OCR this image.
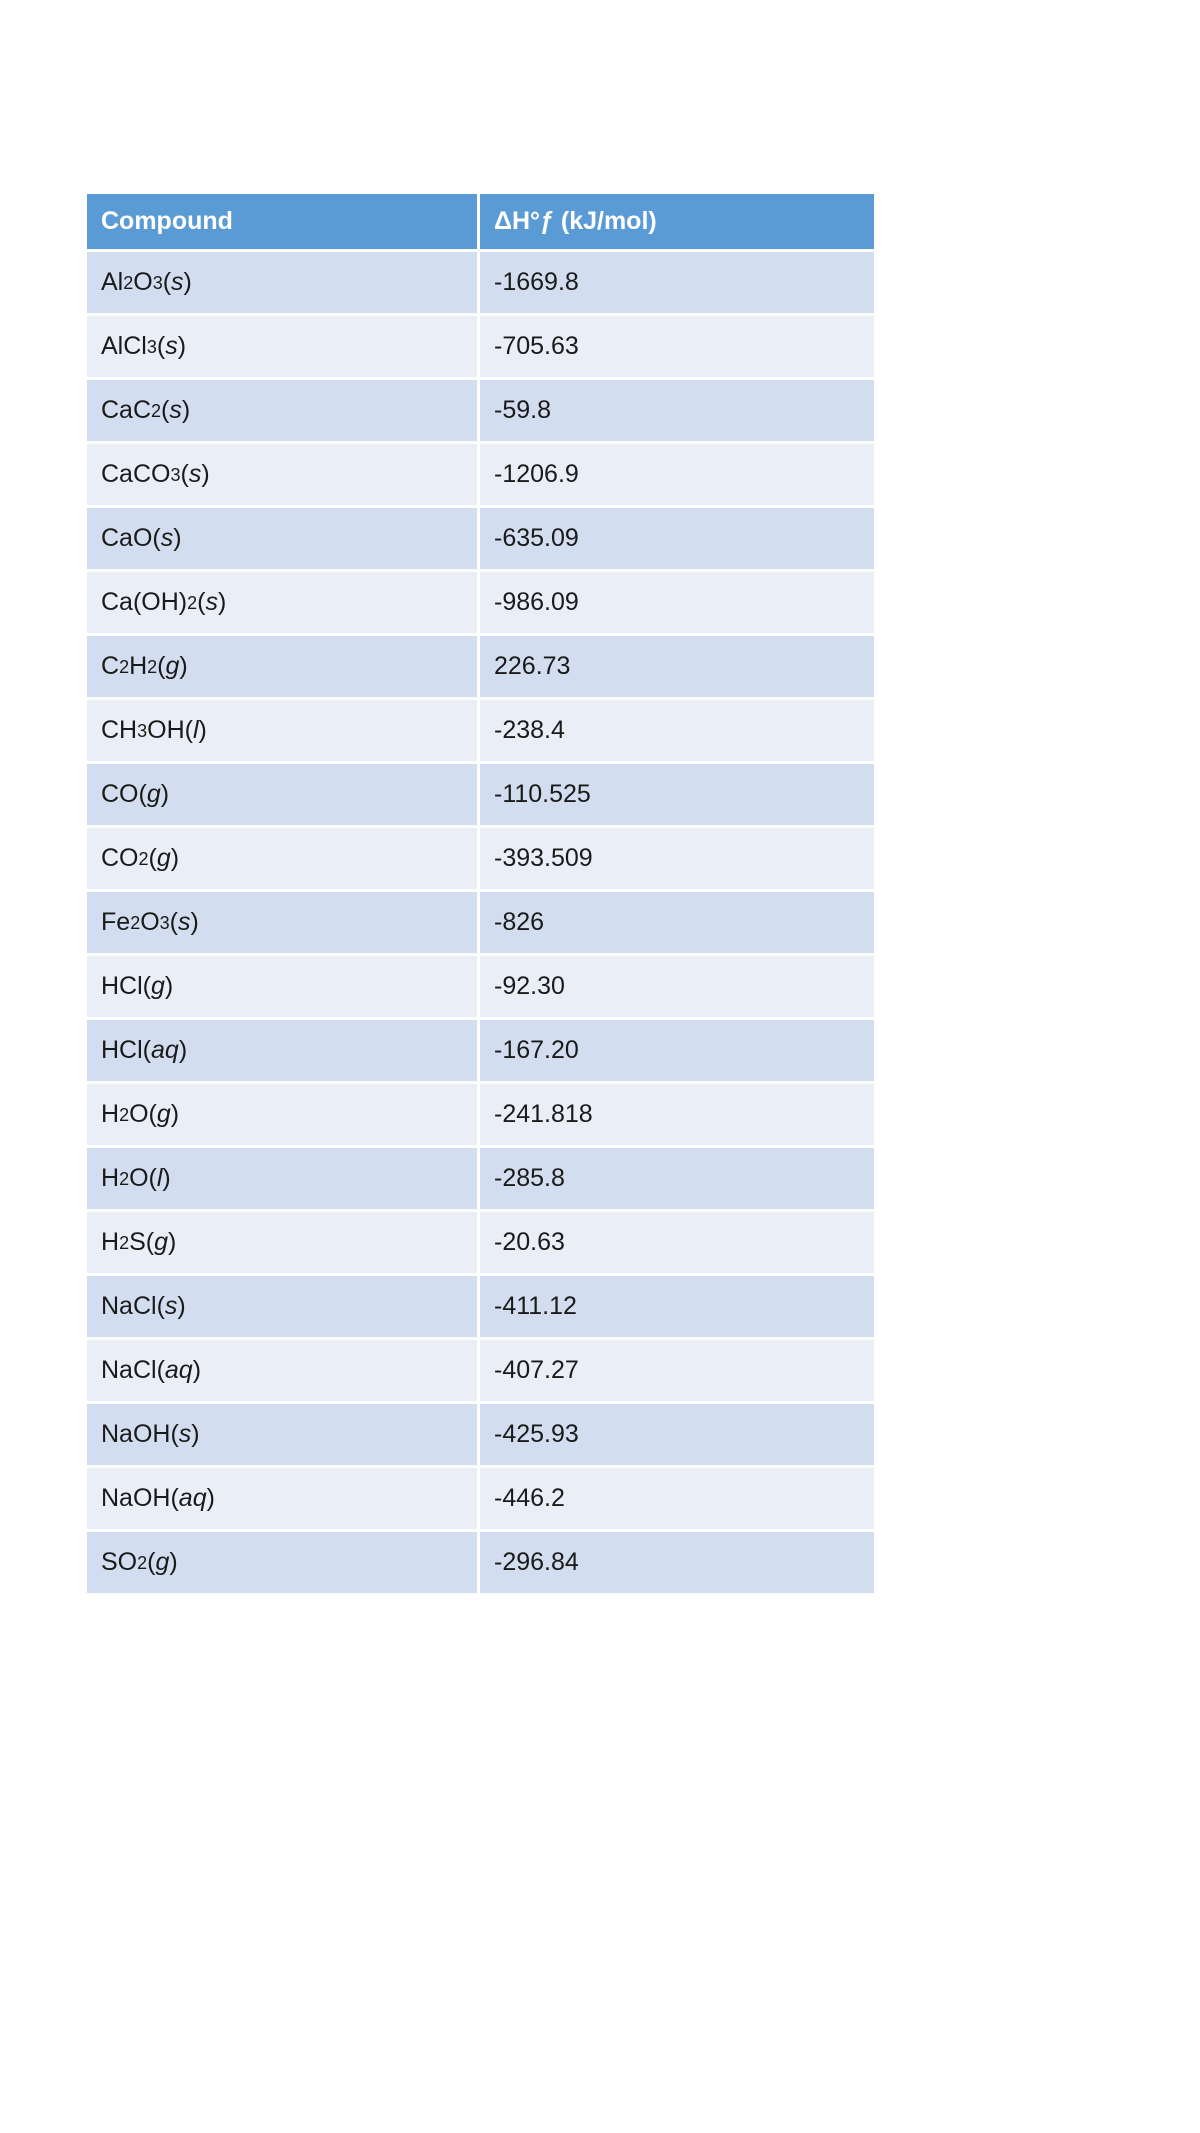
Compound	ΔH°ƒ (kJ/mol)
Al 2 O 3 ( s )	-1669.8
AlCl 3 ( s )	-705.63
CaC 2 ( s )	-59.8
CaCO 3 ( s )	-1206.9
CaO( s )	-635.09
Ca(OH) 2 ( s )	-986.09
C 2 H 2 ( g )	226.73
CH 3 OH( l )	-238.4
CO( g )	-110.525
CO 2 ( g )	-393.509
Fe 2 O 3 ( s )	-826
HCl( g )	-92.30
HCl( aq )	-167.20
H 2 O( g )	-241.818
H 2 O( l )	-285.8
H 2 S( g )	-20.63
NaCl( s )	-411.12
NaCl( aq )	-407.27
NaOH( s )	-425.93
NaOH( aq )	-446.2
SO 2 ( g )	-296.84
